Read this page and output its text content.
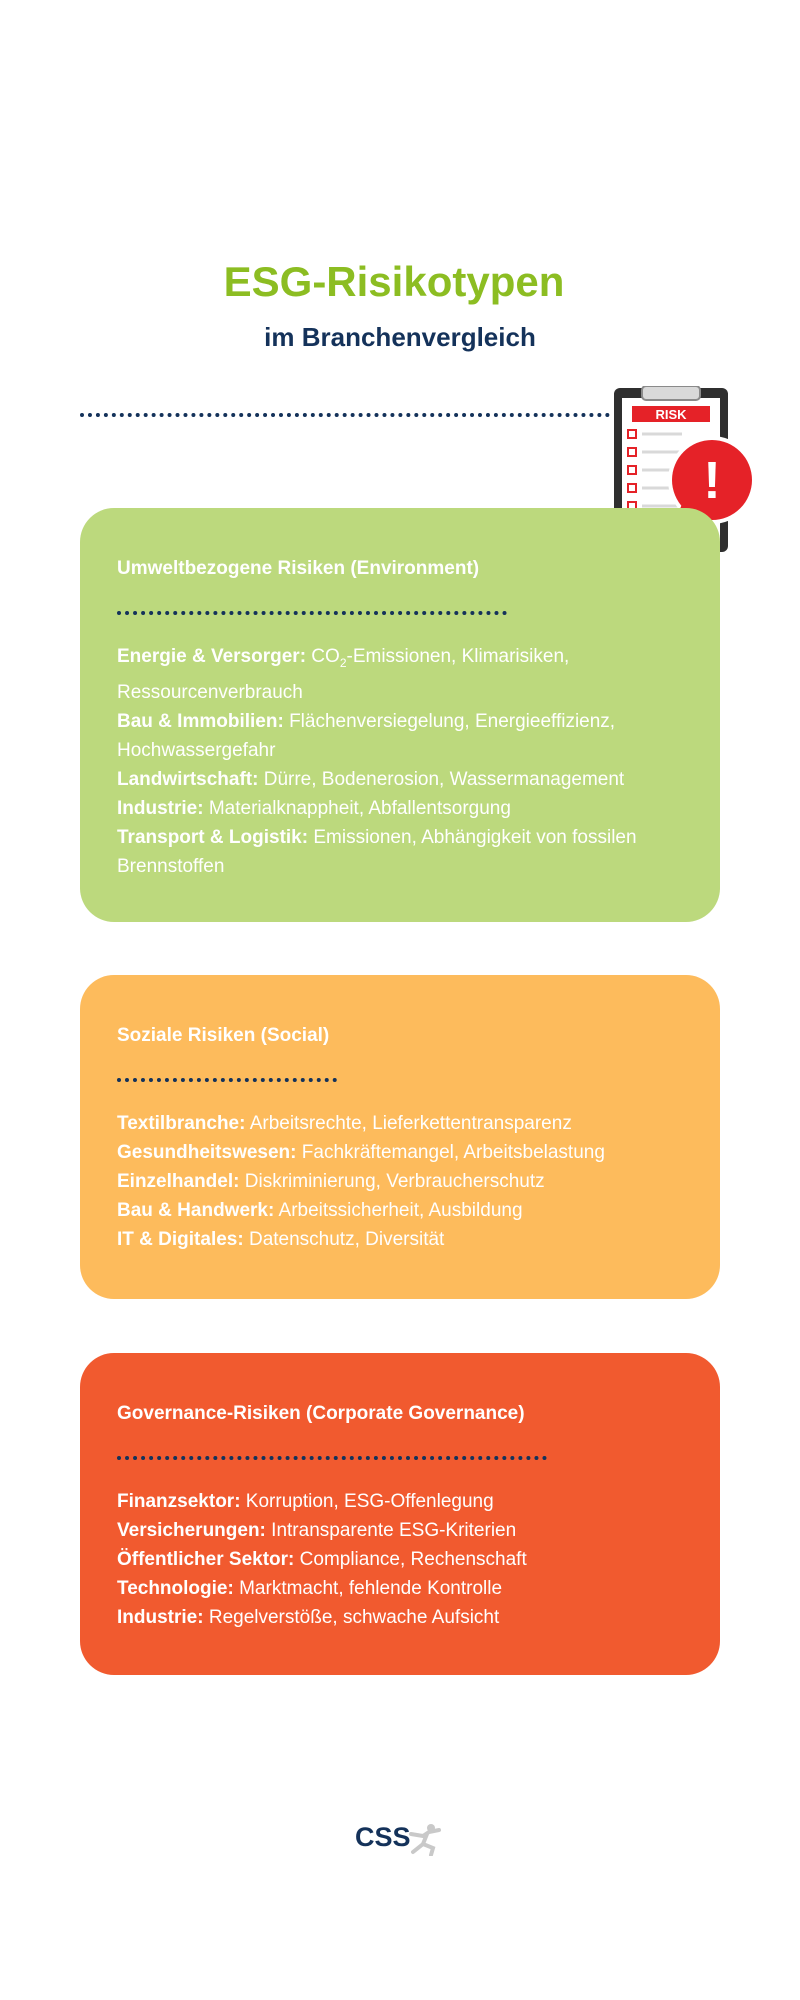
ESG-Risikotypen
im Branchenvergleich
RISK
!
Umweltbezogene Risiken (Environment)
Energie & Versorger: $CO_2$-Emissionen, Klimarisiken, Ressourcenverbrauch
Bau & Immobilien: Flächenversiegelung, Energieeffizienz, Hochwassergefahr
Landwirtschaft: Dürre, Bodenerosion, Wassermanagement
Industrie: Materialknappheit, Abfallentsorgung
Transport & Logistik: Emissionen, Abhängigkeit von fossilen Brennstoffen
Soziale Risiken (Social)
Textilbranche: Arbeitsrechte, Lieferkettentransparenz
Gesundheitswesen: Fachkräftemangel, Arbeitsbelastung
Einzelhandel: Diskriminierung, Verbraucherschutz
Bau & Handwerk: Arbeitssicherheit, Ausbildung
IT & Digitales: Datenschutz, Diversität
Governance-Risiken (Corporate Governance)
Finanzsektor: Korruption, ESG-Offenlegung
Versicherungen: Intransparente ESG-Kriterien
Öffentlicher Sektor: Compliance, Rechenschaft
Technologie: Marktmacht, fehlende Kontrolle
Industrie: Regelverstöße, schwache Aufsicht
CSS
